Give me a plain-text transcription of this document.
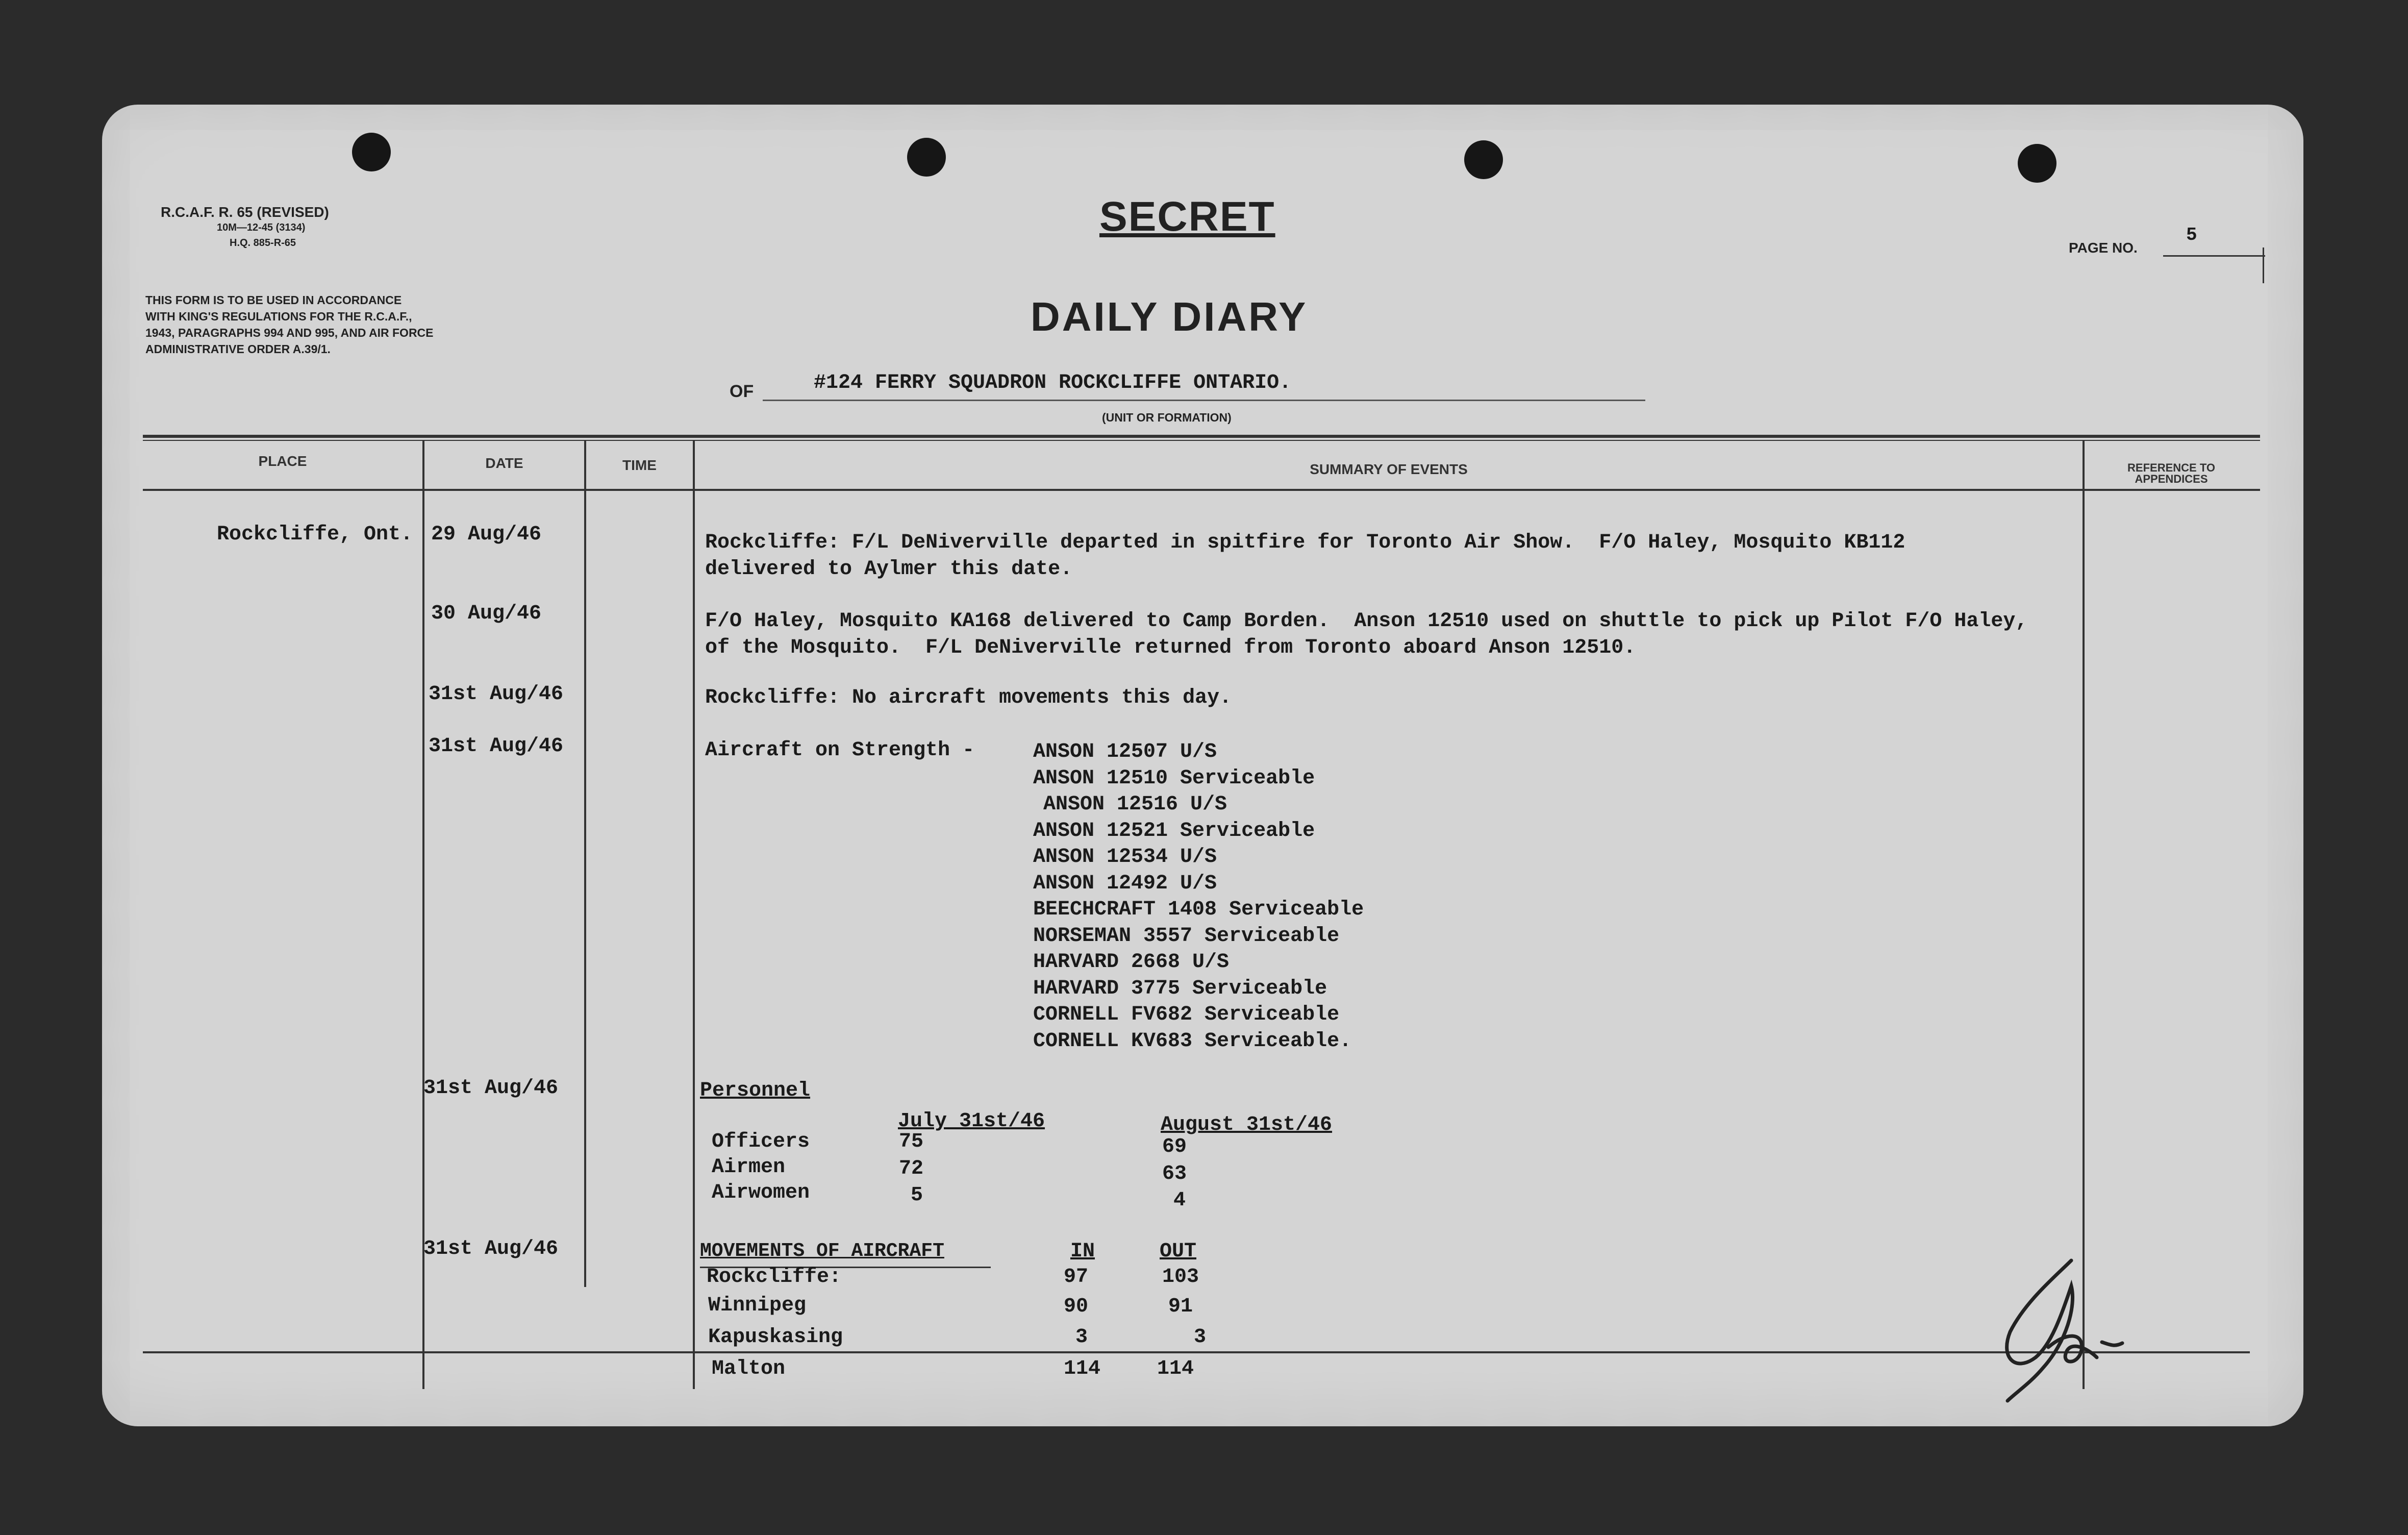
R.C.A.F. R. 65 (REVISED)
10M—12-45 (3134)
H.Q. 885-R-65
THIS FORM IS TO BE USED IN ACCORDANCE
WITH KING'S REGULATIONS FOR THE R.C.A.F.,
1943, PARAGRAPHS 994 AND 995, AND AIR FORCE
ADMINISTRATIVE ORDER A.39/1.
SECRET
DAILY DIARY
PAGE NO.
5
OF	#124 FERRY SQUADRON ROCKCLIFFE ONTARIO.
(UNIT OR FORMATION)
PLACE	DATE	TIME	SUMMARY OF EVENTS	REFERENCE TO
APPENDICES
Rockcliffe, Ont. 29 Aug/46	Rockcliffe: F/L DeNiverville departed in spitfire for Toronto Air Show.  F/O Haley, Mosquito KB112
delivered to Aylmer this date.
30 Aug/46	F/O Haley, Mosquito KA168 delivered to Camp Borden.  Anson 12510 used on shuttle to pick up Pilot F/O Haley,
of the Mosquito.  F/L DeNiverville returned from Toronto aboard Anson 12510.
31st Aug/46	Rockcliffe: No aircraft movements this day.
31st Aug/46	Aircraft on Strength -	ANSON 12507 U/S
ANSON 12510 Serviceable
ANSON 12516 U/S
ANSON 12521 Serviceable
ANSON 12534 U/S
ANSON 12492 U/S
BEECHCRAFT 1408 Serviceable
NORSEMAN 3557 Serviceable
HARVARD 2668 U/S
HARVARD 3775 Serviceable
CORNELL FV682 Serviceable
CORNELL KV683 Serviceable.
31st Aug/46	Personnel
July 31st/46	August 31st/46
Officers	75	69
Airmen	72	63
Airwomen	5	4
31st Aug/46	MOVEMENTS OF AIRCRAFT	IN	OUT
Rockcliffe:	97	103
Winnipeg	90	91
Kapuskasing	3	3
Malton	114	114
